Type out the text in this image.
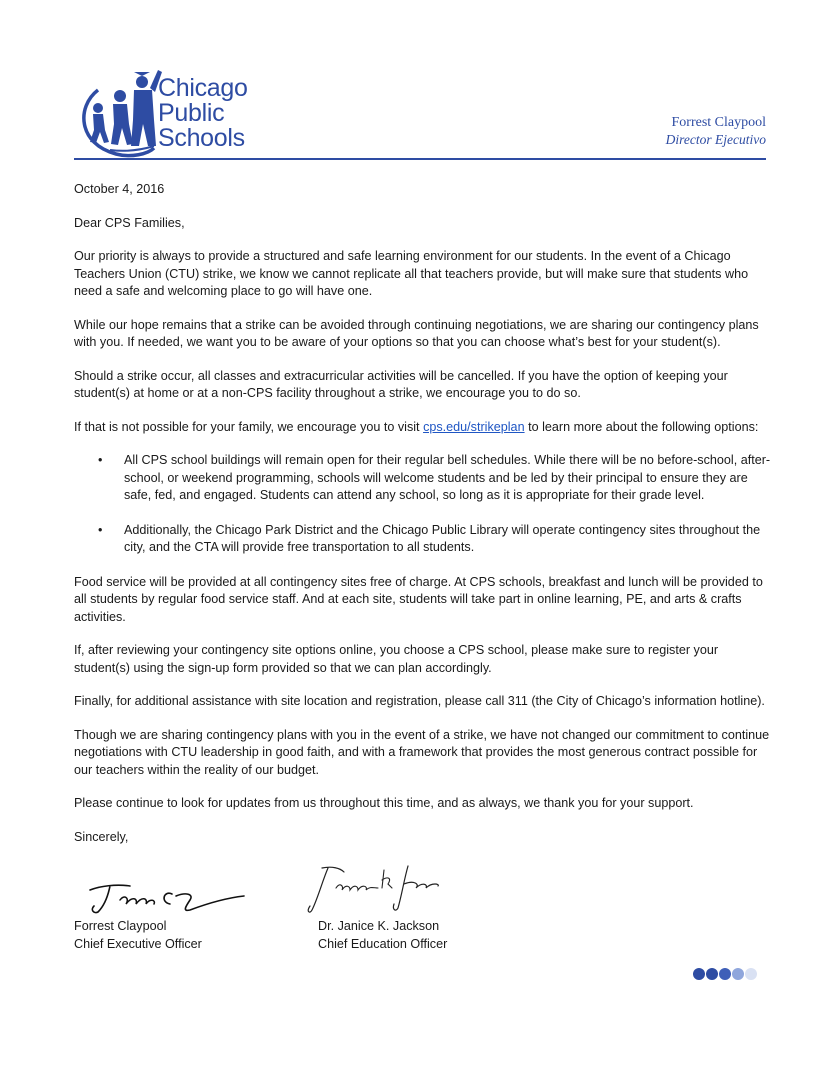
Chicago
Public
Schools
Forrest Claypool
Director Ejecutivo

October 4, 2016

Dear CPS Families,

Our priority is always to provide a structured and safe learning environment for our students. In the event of a Chicago Teachers Union (CTU) strike, we know we cannot replicate all that teachers provide, but will make sure that students who need a safe and welcoming place to go will have one.

While our hope remains that a strike can be avoided through continuing negotiations, we are sharing our contingency plans with you. If needed, we want you to be aware of your options so that you can choose what’s best for your student(s).

Should a strike occur, all classes and extracurricular activities will be cancelled. If you have the option of keeping your student(s) at home or at a non-CPS facility throughout a strike, we encourage you to do so.

If that is not possible for your family, we encourage you to visit cps.edu/strikeplan to learn more about the following options:

• All CPS school buildings will remain open for their regular bell schedules. While there will be no before-school, after-school, or weekend programming, schools will welcome students and be led by their principal to ensure they are safe, fed, and engaged. Students can attend any school, so long as it is appropriate for their grade level.
• Additionally, the Chicago Park District and the Chicago Public Library will operate contingency sites throughout the city, and the CTA will provide free transportation to all students.

Food service will be provided at all contingency sites free of charge. At CPS schools, breakfast and lunch will be provided to all students by regular food service staff. And at each site, students will take part in online learning, PE, and arts & crafts activities.

If, after reviewing your contingency site options online, you choose a CPS school, please make sure to register your student(s) using the sign-up form provided so that we can plan accordingly.

Finally, for additional assistance with site location and registration, please call 311 (the City of Chicago’s information hotline).

Though we are sharing contingency plans with you in the event of a strike, we have not changed our commitment to continue negotiations with CTU leadership in good faith, and with a framework that provides the most generous contract possible for our teachers within the reality of our budget.

Please continue to look for updates from us throughout this time, and as always, we thank you for your support.

Sincerely,

Forrest Claypool
Chief Executive Officer
Dr. Janice K. Jackson
Chief Education Officer
